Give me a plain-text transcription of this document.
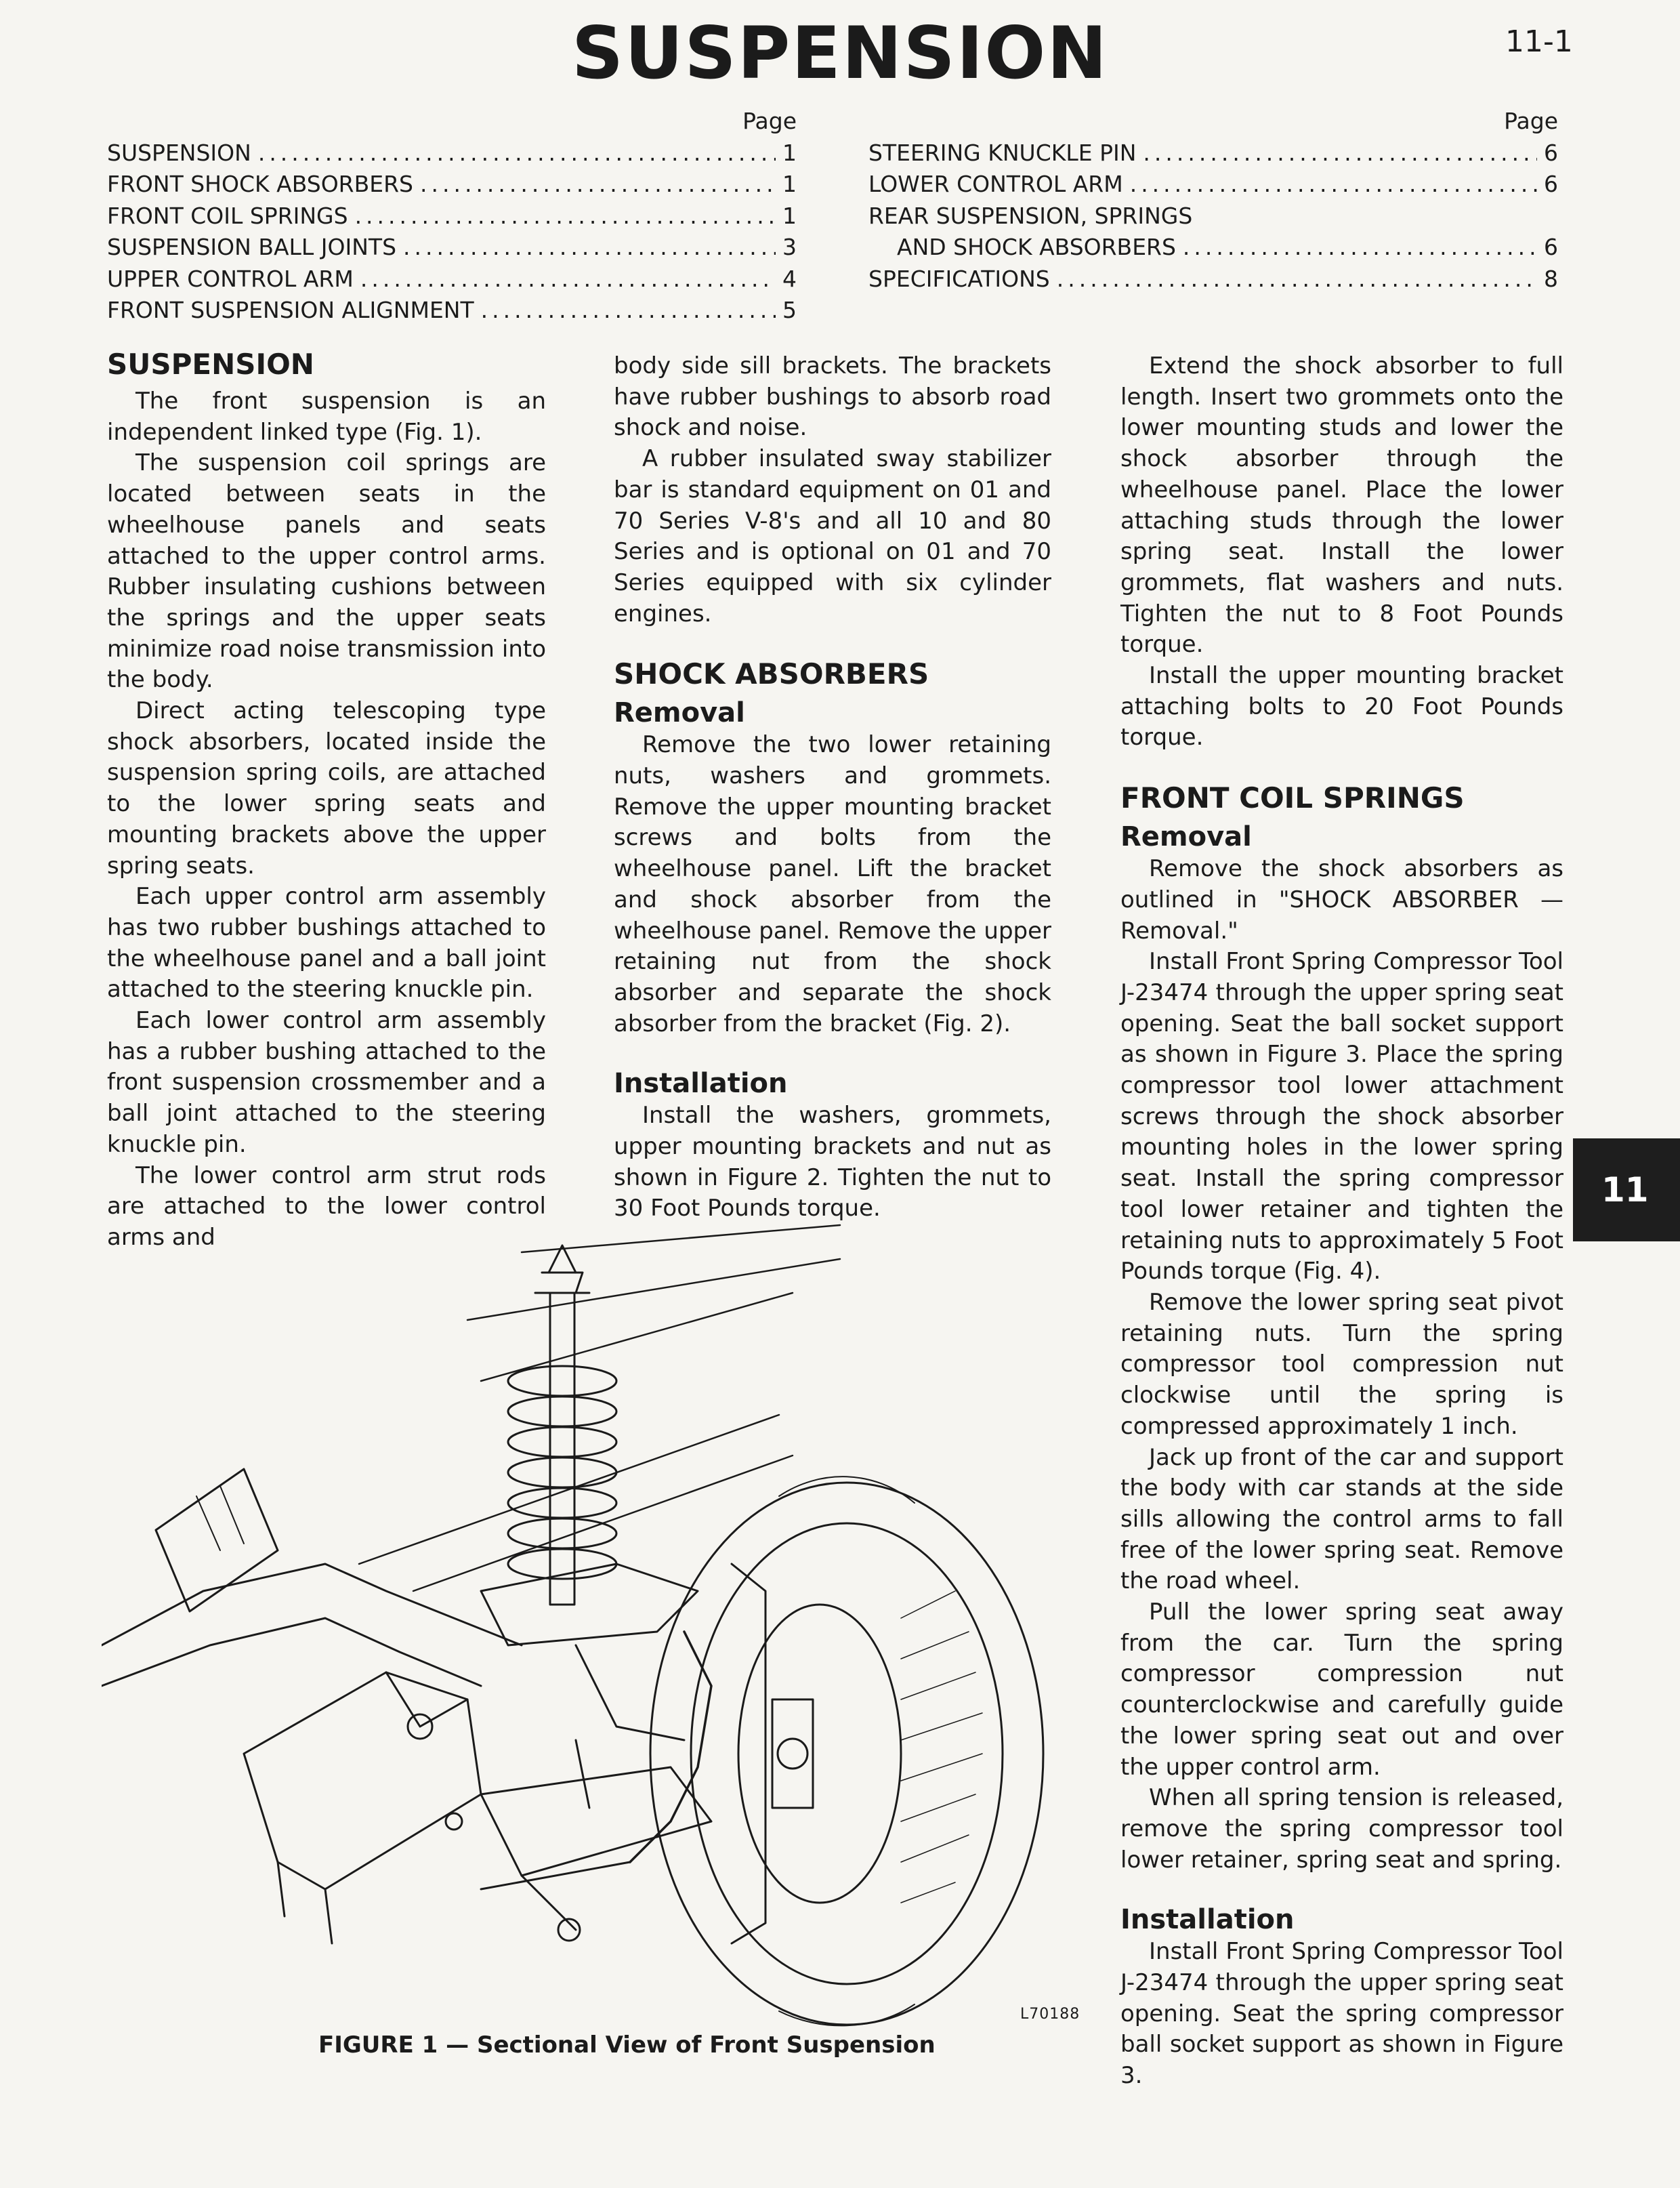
SUSPENSION	11-1
Page
SUSPENSION .....	1
FRONT SHOCK ABSORBERS .....	1
FRONT COIL SPRINGS .....	1
SUSPENSION BALL JOINTS .....	3
UPPER CONTROL ARM .....	4
FRONT SUSPENSION ALIGNMENT .....	5
Page
STEERING KNUCKLE PIN .....	6
LOWER CONTROL ARM .....	6
REAR SUSPENSION, SPRINGS
AND SHOCK ABSORBERS .....	6
SPECIFICATIONS .....	8
SUSPENSION

The front suspension is an independent linked type (Fig. 1).

The suspension coil springs are located between seats in the wheelhouse panels and seats attached to the upper control arms. Rubber insulating cushions between the springs and the upper seats minimize road noise transmission into the body.

Direct acting telescoping type shock absorbers, located inside the suspension spring coils, are attached to the lower spring seats and mounting brackets above the upper spring seats.

Each upper control arm assembly has two rubber bushings attached to the wheelhouse panel and a ball joint attached to the steering knuckle pin.

Each lower control arm assembly has a rubber bushing attached to the front suspension crossmember and a ball joint attached to the steering knuckle pin.

The lower control arm strut rods are attached to the lower control arms and

body side sill brackets. The brackets have rubber bushings to absorb road shock and noise.

A rubber insulated sway stabilizer bar is standard equipment on 01 and 70 Series V-8's and all 10 and 80 Series and is optional on 01 and 70 Series equipped with six cylinder engines.

SHOCK ABSORBERS
Removal

Remove the two lower retaining nuts, washers and grommets. Remove the upper mounting bracket screws and bolts from the wheelhouse panel. Lift the bracket and shock absorber from the wheelhouse panel. Remove the upper retaining nut from the shock absorber and separate the shock absorber from the bracket (Fig. 2).

Installation

Install the washers, grommets, upper mounting brackets and nut as shown in Figure 2. Tighten the nut to 30 Foot Pounds torque.

Extend the shock absorber to full length. Insert two grommets onto the lower mounting studs and lower the shock absorber through the wheelhouse panel. Place the lower attaching studs through the lower spring seat. Install the lower grommets, flat washers and nuts. Tighten the nut to 8 Foot Pounds torque.

Install the upper mounting bracket attaching bolts to 20 Foot Pounds torque.

FRONT COIL SPRINGS
Removal

Remove the shock absorbers as outlined in "SHOCK ABSORBER — Removal."

Install Front Spring Compressor Tool J-23474 through the upper spring seat opening. Seat the ball socket support as shown in Figure 3. Place the spring compressor tool lower attachment screws through the shock absorber mounting holes in the lower spring seat. Install the spring compressor tool lower retainer and tighten the retaining nuts to approximately 5 Foot Pounds torque (Fig. 4).

Remove the lower spring seat pivot retaining nuts. Turn the spring compressor tool compression nut clockwise until the spring is compressed approximately 1 inch.

Jack up front of the car and support the body with car stands at the side sills allowing the control arms to fall free of the lower spring seat. Remove the road wheel.

Pull the lower spring seat away from the car. Turn the spring compressor compression nut counterclockwise and carefully guide the lower spring seat out and over the upper control arm.

When all spring tension is released, remove the spring compressor tool lower retainer, spring seat and spring.

Installation

Install Front Spring Compressor Tool J-23474 through the upper spring seat opening. Seat the spring compressor ball socket support as shown in Figure 3.

11
L70188
FIGURE 1 — Sectional View of Front Suspension
